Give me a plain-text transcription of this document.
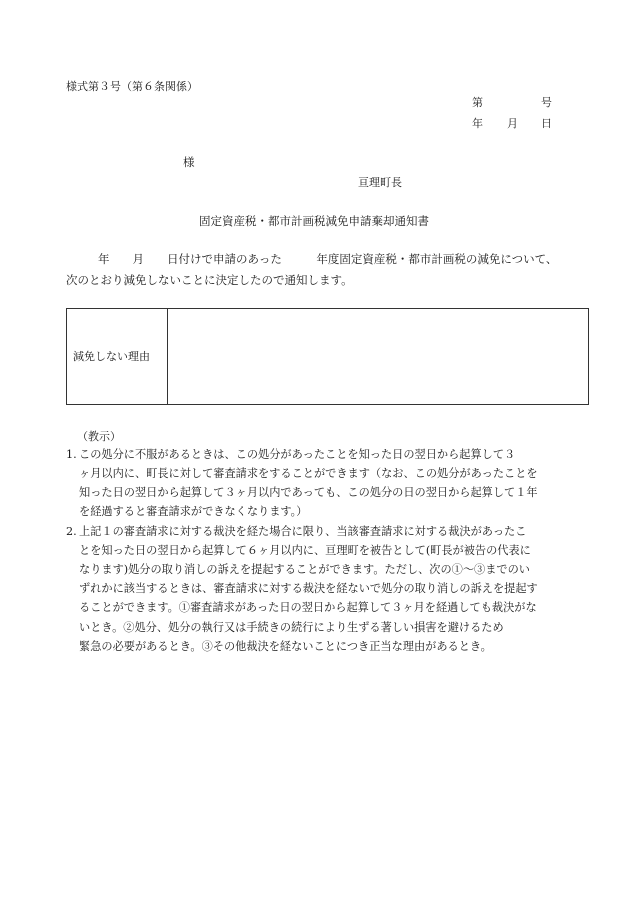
様式第３号（第６条関係）
第	号
年 月 日
様
亘理町長
固定資産税・都市計画税減免申請棄却通知書
年　　月　　日付けで申請のあった　　　年度固定資産税・都市計画税の減免について、
次のとおり減免しないことに決定したので通知します。
減免しない理由
（教示）
1. この処分に不服があるときは、この処分があったことを知った日の翌日から起算して３
ヶ月以内に、町長に対して審査請求をすることができます（なお、この処分があったことを
知った日の翌日から起算して３ヶ月以内であっても、この処分の日の翌日から起算して１年
を経過すると審査請求ができなくなります。）
2. 上記１の審査請求に対する裁決を経た場合に限り、当該審査請求に対する裁決があったこ
とを知った日の翌日から起算して６ヶ月以内に、亘理町を被告として(町長が被告の代表に
なります)処分の取り消しの訴えを提起することができます。ただし、次の①～③までのい
ずれかに該当するときは、審査請求に対する裁決を経ないで処分の取り消しの訴えを提起す
ることができます。①審査請求があった日の翌日から起算して３ヶ月を経過しても裁決がな
いとき。②処分、処分の執行又は手続きの続行により生ずる著しい損害を避けるため
緊急の必要があるとき。③その他裁決を経ないことにつき正当な理由があるとき。
